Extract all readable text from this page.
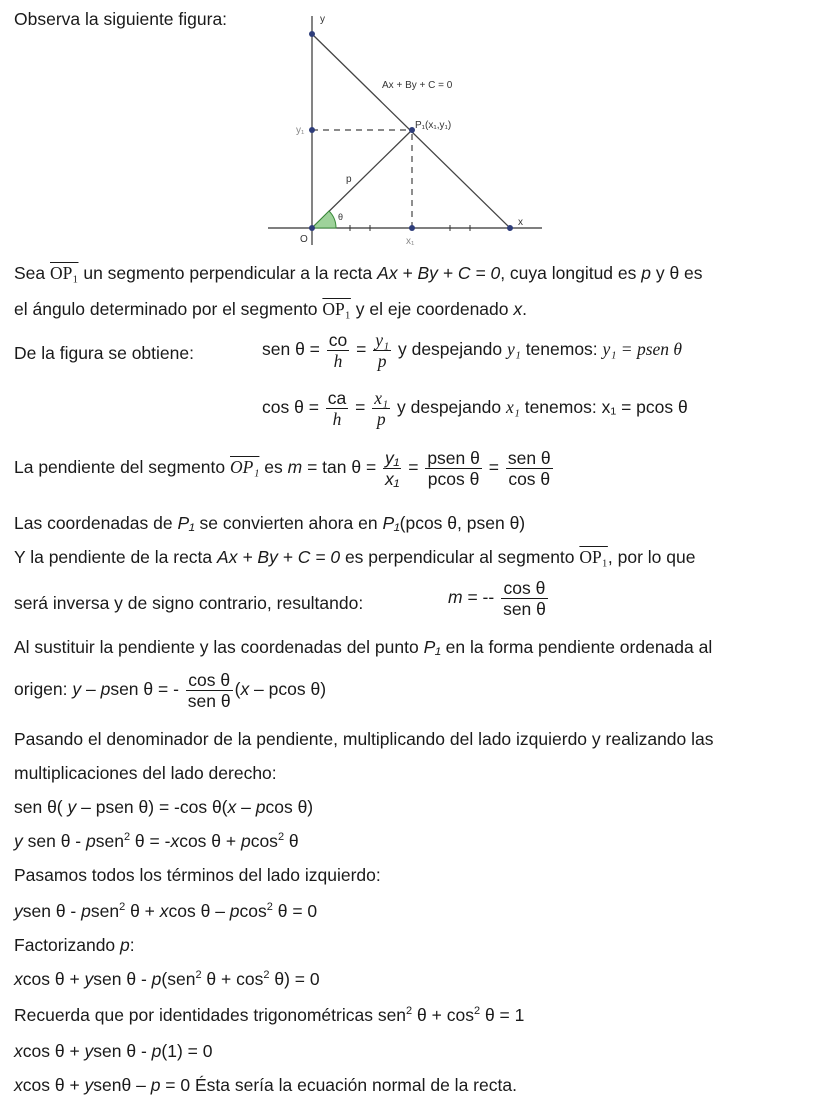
Observa la siguiente figura:	y
x
Ax + By + C = 0
P₁(x₁,y₁)
y₁
x₁
O
p
θ
Sea OP₁ un segmento perpendicular a la recta Ax + By + C = 0, cuya longitud es p y θ es
el ángulo determinado por el segmento OP₁ y el eje coordenado x.
De la figura se obtiene:	sen $\theta = \frac{co}{h} = \frac{\text{y₁}}{p}$ y despejando y₁ tenemos: y₁ = psen θ
$\cos \theta = \frac{ca}{h} = \frac{\text{x₁}}{p}$ y despejando x₁ tenemos: x₁ = pcos θ
La pendiente del segmento OP₁ es $m = \tan \theta = \frac{\text{y₁}}{\text{x₁}} = \frac{\text{psen θ}}{\text{pcos θ}} = \frac{\text{sen θ}}{\text{cos θ}}$
Las coordenadas de P₁ se convierten ahora en P₁(pcos θ, psen θ)
Y la pendiente de la recta Ax + By + C = 0 es perpendicular al segmento OP₁, por lo que
será inversa y de signo contrario, resultando:	m = -- $\frac{\text{cos θ}}{\text{sen θ}}$
Al sustituir la pendiente y las coordenadas del punto P₁ en la forma pendiente ordenada al
origen: y – psen θ = - $\frac{\text{cos θ}}{\text{sen θ}} (x$ – pcos θ)
Pasando el denominador de la pendiente, multiplicando del lado izquierdo y realizando las
multiplicaciones del lado derecho:
sen θ( y – psen θ) = -cos θ(x – pcos θ)
y sen θ - psen$^2$ θ = -xcos θ + pcos$^2$ θ
Pasamos todos los términos del lado izquierdo:
ysen θ - psen$^2$ θ + xcos θ – pcos$^2$ θ = 0
Factorizando p:
xcos θ + ysen θ - p(sen$^2$ $\theta + \cos^2 \theta) = 0$
Recuerda que por identidades trigonométricas sen$^2$ $\theta + \cos^2 \theta = 1$
xcos θ + ysen θ - p(1) = 0
xcos θ + ysenθ – p = 0 Ésta sería la ecuación normal de la recta.
